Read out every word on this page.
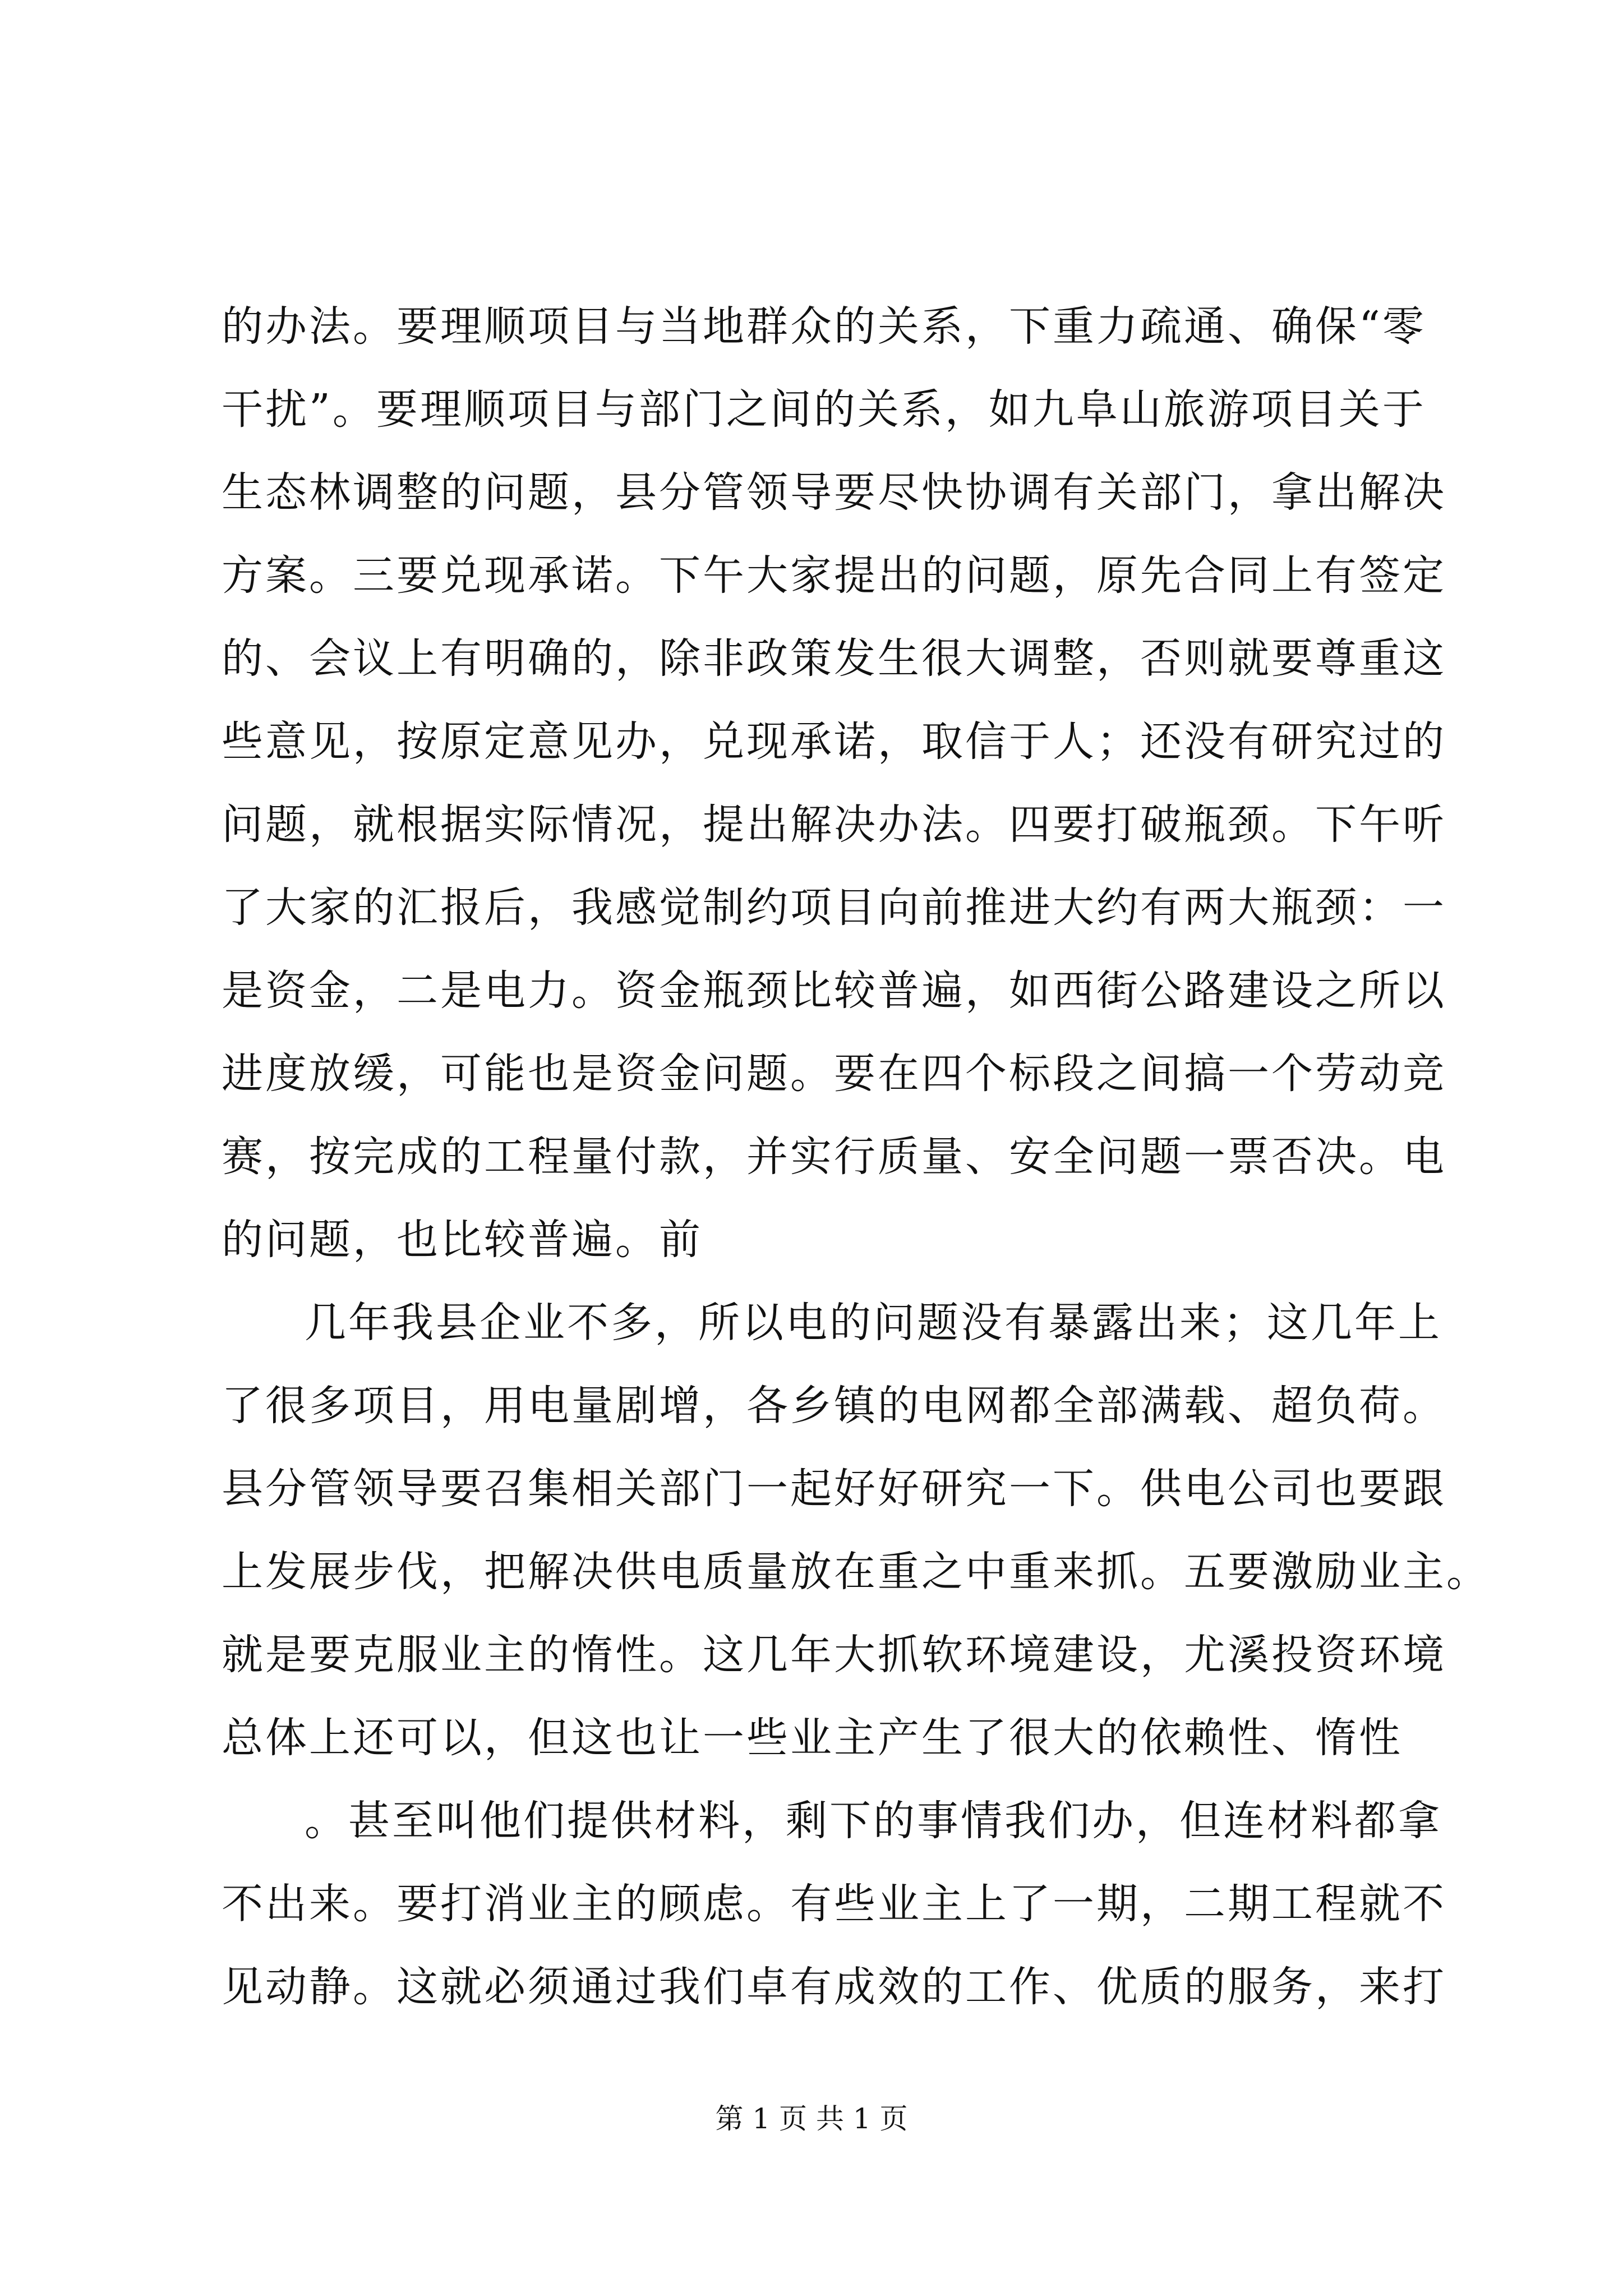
的办法。要理顺项目与当地群众的关系，下重力疏通、确保“零
干扰”。要理顺项目与部门之间的关系，如九阜山旅游项目关于
生态林调整的问题，县分管领导要尽快协调有关部门，拿出解决
方案。三要兑现承诺。下午大家提出的问题，原先合同上有签定
的、会议上有明确的，除非政策发生很大调整，否则就要尊重这
些意见，按原定意见办，兑现承诺，取信于人；还没有研究过的
问题，就根据实际情况，提出解决办法。四要打破瓶颈。下午听
了大家的汇报后，我感觉制约项目向前推进大约有两大瓶颈：一
是资金，二是电力。资金瓶颈比较普遍，如西街公路建设之所以
进度放缓，可能也是资金问题。要在四个标段之间搞一个劳动竞
赛，按完成的工程量付款，并实行质量、安全问题一票否决。电
的问题，也比较普遍。前
几年我县企业不多，所以电的问题没有暴露出来；这几年上
了很多项目，用电量剧增，各乡镇的电网都全部满载、超负荷。
县分管领导要召集相关部门一起好好研究一下。供电公司也要跟
上发展步伐，把解决供电质量放在重之中重来抓。五要激励业主。
就是要克服业主的惰性。这几年大抓软环境建设，尤溪投资环境
总体上还可以，但这也让一些业主产生了很大的依赖性、惰性
。甚至叫他们提供材料，剩下的事情我们办，但连材料都拿
不出来。要打消业主的顾虑。有些业主上了一期，二期工程就不
见动静。这就必须通过我们卓有成效的工作、优质的服务，来打
第 1 页 共 1 页
